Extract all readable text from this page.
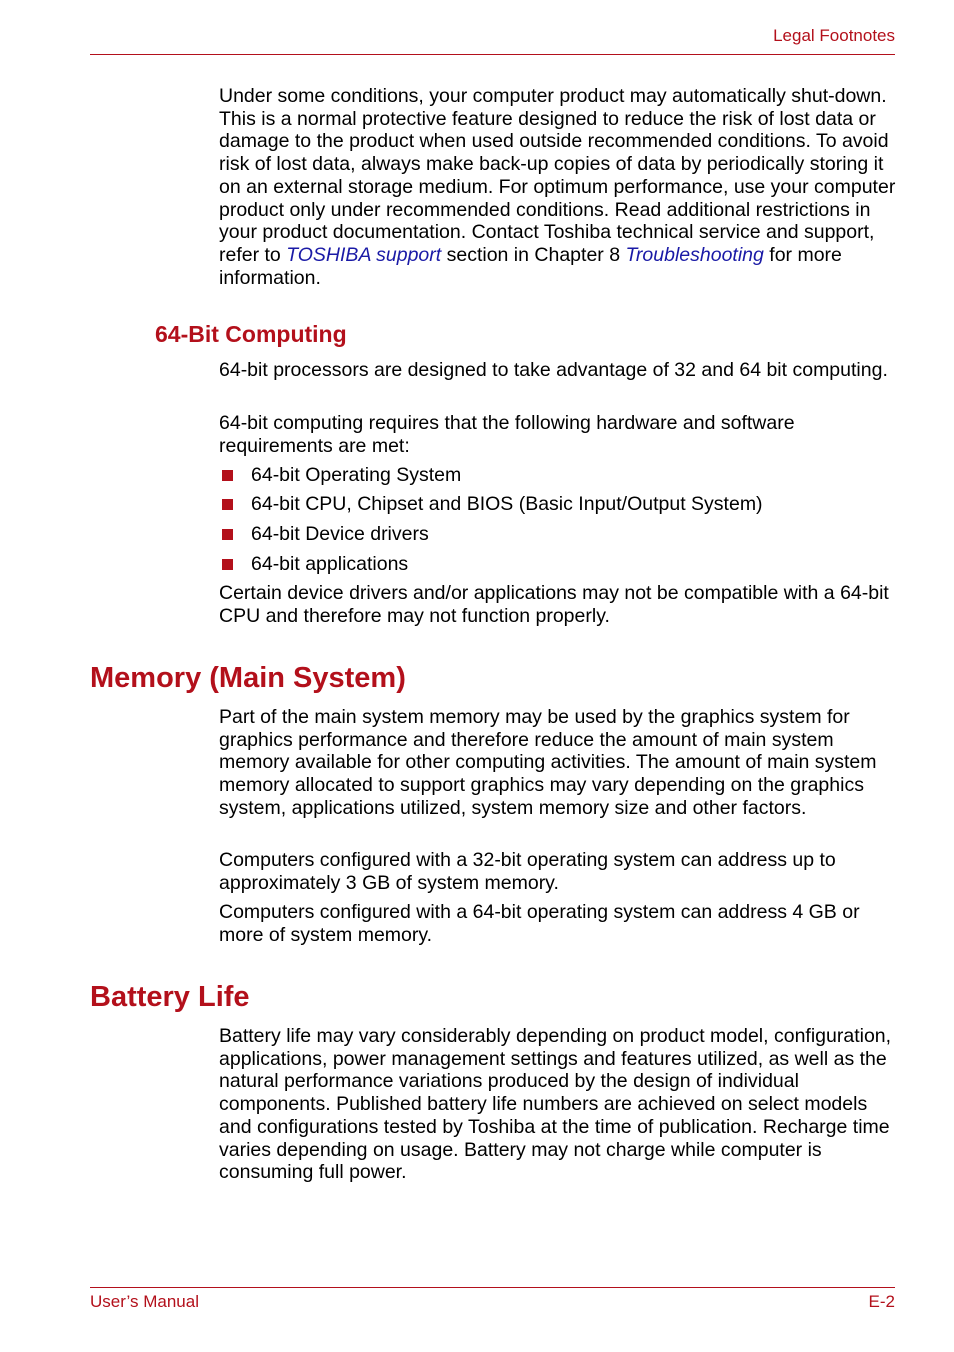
Legal Footnotes

Under some conditions, your computer product may automatically shut-down. This is a normal protective feature designed to reduce the risk of lost data or damage to the product when used outside recommended conditions. To avoid risk of lost data, always make back-up copies of data by periodically storing it on an external storage medium. For optimum performance, use your computer product only under recommended conditions. Read additional restrictions in your product documentation. Contact Toshiba technical service and support, refer to TOSHIBA support section in Chapter 8 Troubleshooting for more information.

64-Bit Computing

64-bit processors are designed to take advantage of 32 and 64 bit computing.

64-bit computing requires that the following hardware and software requirements are met:

64-bit Operating System
64-bit CPU, Chipset and BIOS (Basic Input/Output System)
64-bit Device drivers
64-bit applications

Certain device drivers and/or applications may not be compatible with a 64-bit CPU and therefore may not function properly.

Memory (Main System)

Part of the main system memory may be used by the graphics system for graphics performance and therefore reduce the amount of main system memory available for other computing activities. The amount of main system memory allocated to support graphics may vary depending on the graphics system, applications utilized, system memory size and other factors.

Computers configured with a 32-bit operating system can address up to approximately 3 GB of system memory.

Computers configured with a 64-bit operating system can address 4 GB or more of system memory.

Battery Life

Battery life may vary considerably depending on product model, configuration, applications, power management settings and features utilized, as well as the natural performance variations produced by the design of individual components. Published battery life numbers are achieved on select models and configurations tested by Toshiba at the time of publication. Recharge time varies depending on usage. Battery may not charge while computer is consuming full power.

User’s Manual	E-2
